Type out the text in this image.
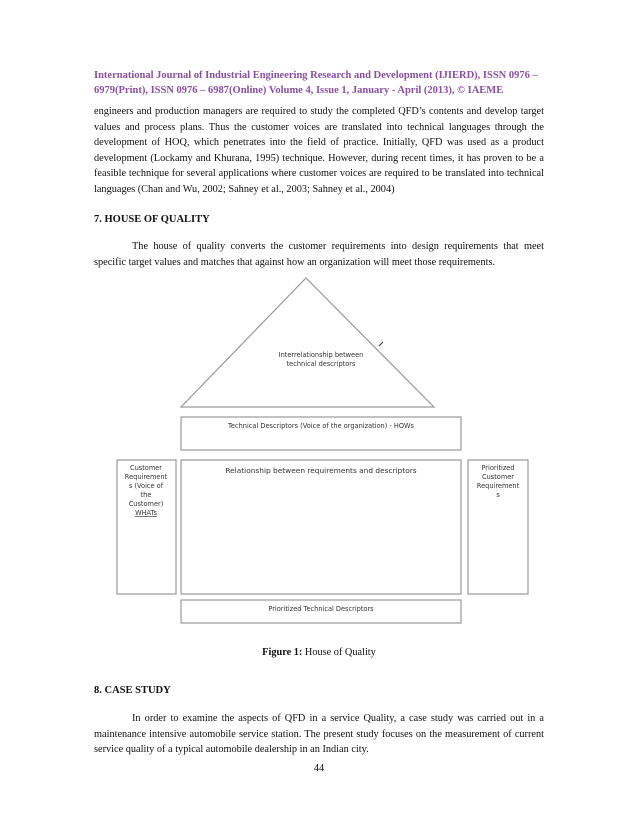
International Journal of Industrial Engineering Research and Development (IJIERD), ISSN 0976 –
6979(Print), ISSN 0976 – 6987(Online) Volume 4, Issue 1, January - April (2013), © IAEME

engineers and production managers are required to study the completed QFD’s contents and develop target values and process plans. Thus the customer voices are translated into technical languages through the development of HOQ, which penetrates into the field of practice. Initially, QFD was used as a product development (Lockamy and Khurana, 1995) technique. However, during recent times, it has proven to be a feasible technique for several applications where customer voices are required to be translated into technical languages (Chan and Wu, 2002; Sahney et al., 2003; Sahney et al., 2004)

7. HOUSE OF QUALITY

The house of quality converts the customer requirements into design requirements that meet specific target values and matches that against how an organization will meet those requirements.

Interrelationship between
technical descriptors
Technical Descriptors (Voice of the organization) - HOWs
Customer
Requirement
s (Voice of
the
Customer)
WHATs
Relationship between requirements and descriptors	Prioritized
Customer
Requirement
s
Prioritized Technical Descriptors
Figure 1: House of Quality

8. CASE STUDY

In order to examine the aspects of QFD in a service Quality, a case study was carried out in a maintenance intensive automobile service station. The present study focuses on the measurement of current service quality of a typical automobile dealership in an Indian city.

44
